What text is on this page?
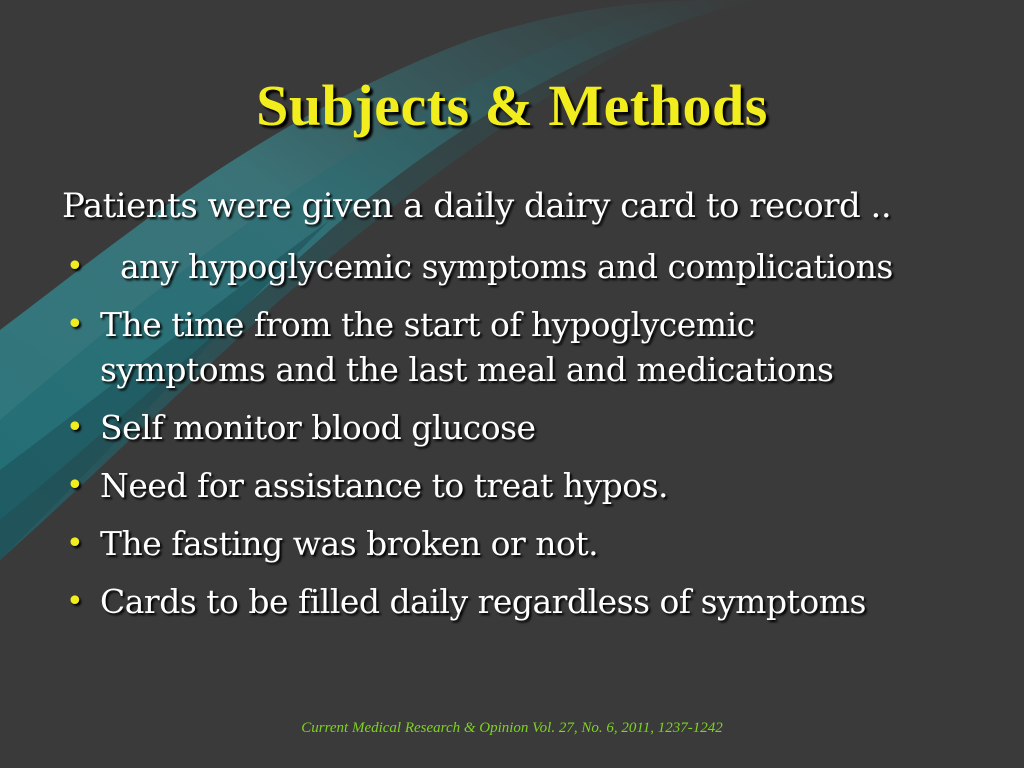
Subjects & Methods
Patients were given a daily dairy card to record ..
• any hypoglycemic symptoms and complications
• The time from the start of hypoglycemic symptoms and the last meal and medications
• Self monitor blood glucose
• Need for assistance to treat hypos.
• The fasting was broken or not.
• Cards to be filled daily regardless of symptoms
Current Medical Research & Opinion Vol. 27, No. 6, 2011, 1237-1242
